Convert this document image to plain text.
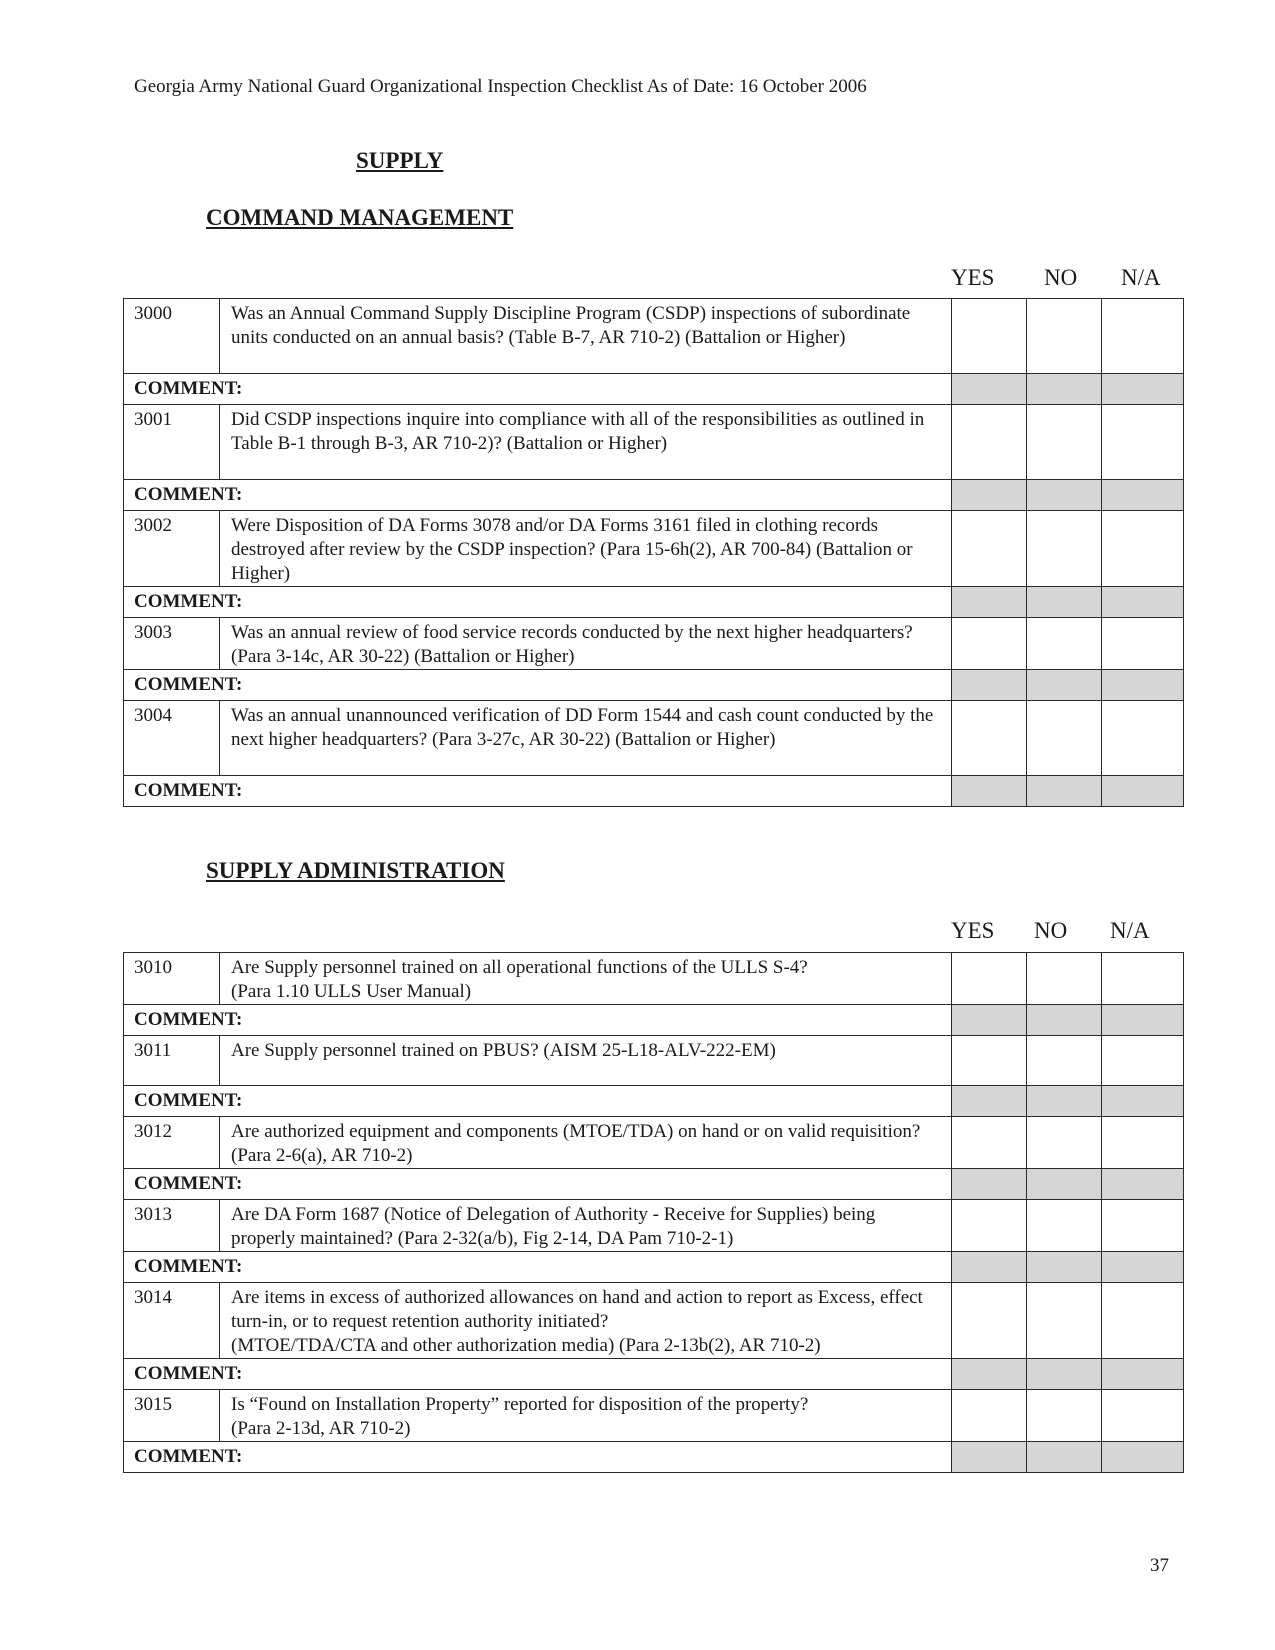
Georgia Army National Guard Organizational Inspection Checklist As of Date: 16 October 2006
SUPPLY
COMMAND MANAGEMENT
YES NO N/A
3000	Was an Annual Command Supply Discipline Program (CSDP) inspections of subordinate units conducted on an annual basis? (Table B-7, AR 710-2) (Battalion or Higher)			
COMMENT:				
3001	Did CSDP inspections inquire into compliance with all of the responsibilities as outlined in Table B-1 through B-3, AR 710-2)? (Battalion or Higher)			
COMMENT:				
3002	Were Disposition of DA Forms 3078 and/or DA Forms 3161 filed in clothing records destroyed after review by the CSDP inspection? (Para 15-6h(2), AR 700-84) (Battalion or Higher)			
COMMENT:				
3003	Was an annual review of food service records conducted by the next higher headquarters? (Para 3-14c, AR 30-22) (Battalion or Higher)			
COMMENT:				
3004	Was an annual unannounced verification of DD Form 1544 and cash count conducted by the next higher headquarters? (Para 3-27c, AR 30-22) (Battalion or Higher)			
COMMENT:				
SUPPLY ADMINISTRATION
YES NO N/A
3010	Are Supply personnel trained on all operational functions of the ULLS S-4?
(Para 1.10 ULLS User Manual)			
COMMENT:				
3011	Are Supply personnel trained on PBUS? (AISM 25-L18-ALV-222-EM)			
COMMENT:				
3012	Are authorized equipment and components (MTOE/TDA) on hand or on valid requisition? (Para 2-6(a), AR 710-2)			
COMMENT:				
3013	Are DA Form 1687 (Notice of Delegation of Authority - Receive for Supplies) being properly maintained? (Para 2-32(a/b), Fig 2-14, DA Pam 710-2-1)			
COMMENT:				
3014	Are items in excess of authorized allowances on hand and action to report as Excess, effect turn-in, or to request retention authority initiated?
(MTOE/TDA/CTA and other authorization media) (Para 2-13b(2), AR 710-2)			
COMMENT:				
3015	Is “Found on Installation Property” reported for disposition of the property?
(Para 2-13d, AR 710-2)			
COMMENT:				
37
